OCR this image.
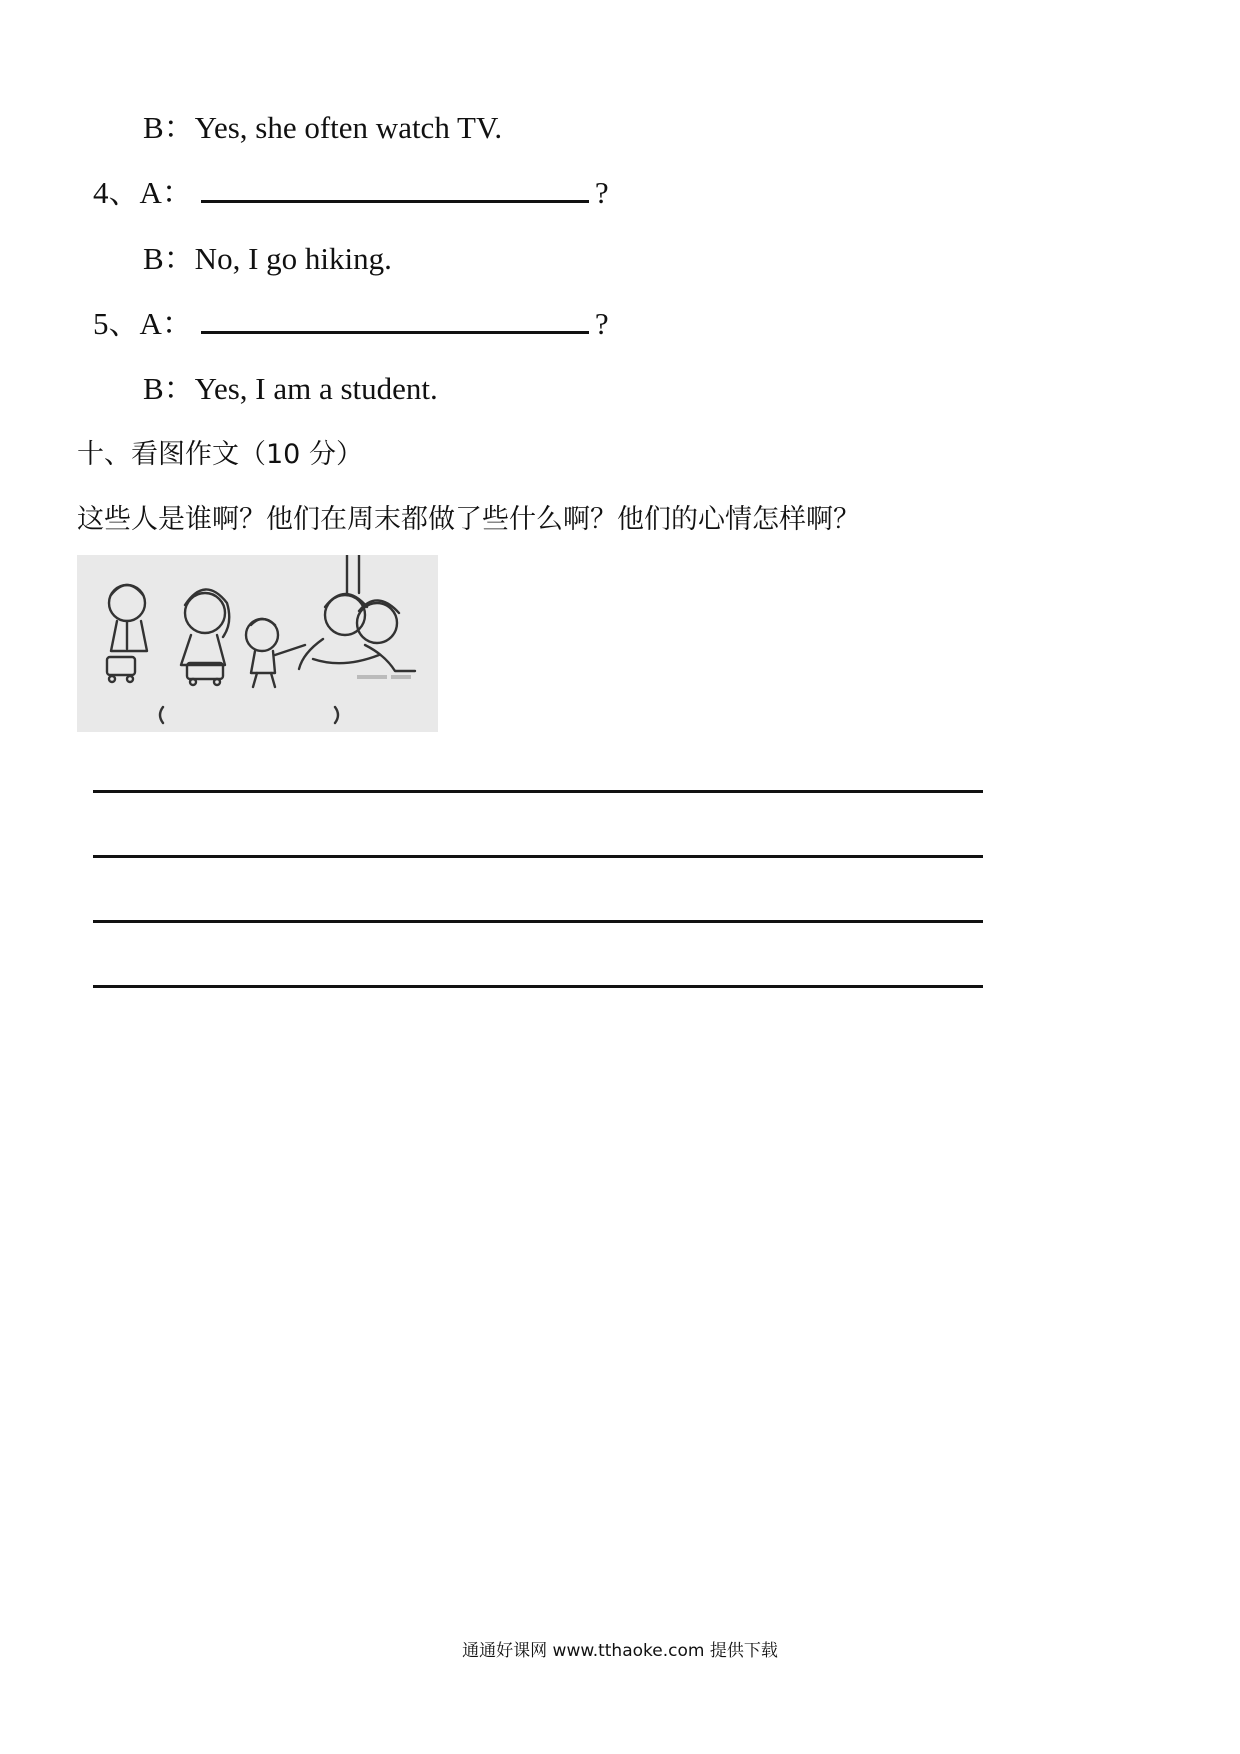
B：Yes, she often watch TV.
4、A：	?
B：No, I go hiking.
5、A：	?
B：Yes, I am a student.
十、看图作文（10 分）
这些人是谁啊？他们在周末都做了些什么啊？他们的心情怎样啊？
通通好课网 www.tthaoke.com 提供下载
